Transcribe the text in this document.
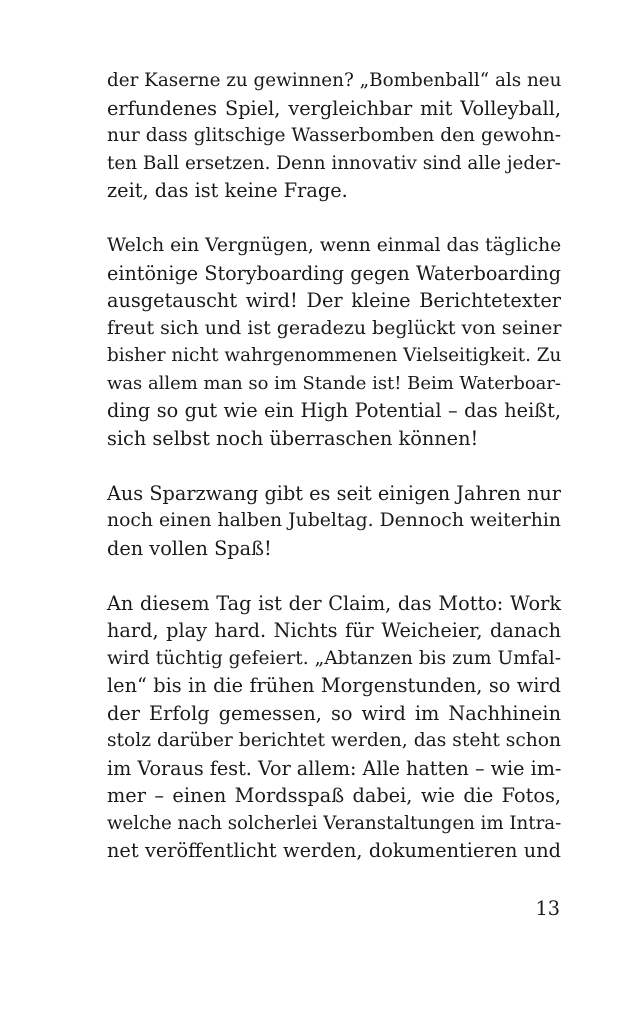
der Kaserne zu gewinnen? „Bombenball“ als neu
erfundenes Spiel, vergleichbar mit Volleyball,
nur dass glitschige Wasserbomben den gewohn-
ten Ball ersetzen. Denn innovativ sind alle jeder-
zeit, das ist keine Frage.
Welch ein Vergnügen, wenn einmal das tägliche
eintönige Storyboarding gegen Waterboarding
ausgetauscht wird! Der kleine Berichtetexter
freut sich und ist geradezu beglückt von seiner
bisher nicht wahrgenommenen Vielseitigkeit. Zu
was allem man so im Stande ist! Beim Waterboar-
ding so gut wie ein High Potential – das heißt,
sich selbst noch überraschen können!
Aus Sparzwang gibt es seit einigen Jahren nur
noch einen halben Jubeltag. Dennoch weiterhin
den vollen Spaß!
An diesem Tag ist der Claim, das Motto: Work
hard, play hard. Nichts für Weicheier, danach
wird tüchtig gefeiert. „Abtanzen bis zum Umfal-
len“ bis in die frühen Morgenstunden, so wird
der Erfolg gemessen, so wird im Nachhinein
stolz darüber berichtet werden, das steht schon
im Voraus fest. Vor allem: Alle hatten – wie im-
mer – einen Mordsspaß dabei, wie die Fotos,
welche nach solcherlei Veranstaltungen im Intra-
net veröffentlicht werden, dokumentieren und
13
